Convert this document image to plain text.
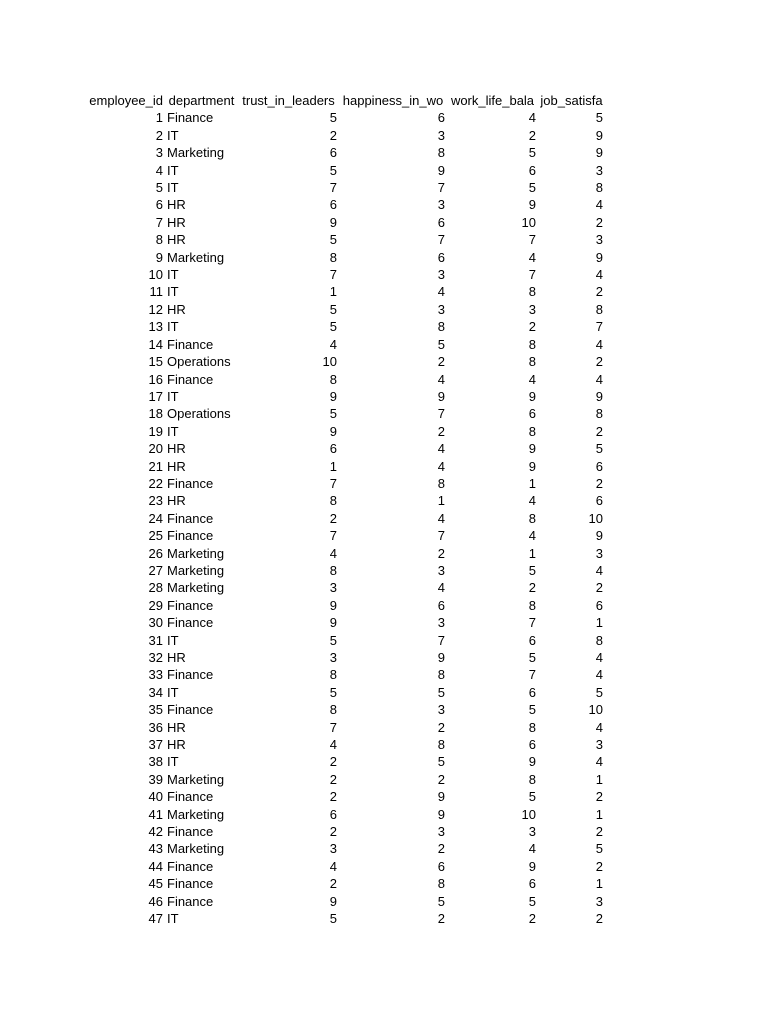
employee_id	department	trust_in_leaders	happiness_in_wo	work_life_bala	job_satisfa
1	Finance	5	6	4	5
2	IT	2	3	2	9
3	Marketing	6	8	5	9
4	IT	5	9	6	3
5	IT	7	7	5	8
6	HR	6	3	9	4
7	HR	9	6	10	2
8	HR	5	7	7	3
9	Marketing	8	6	4	9
10	IT	7	3	7	4
11	IT	1	4	8	2
12	HR	5	3	3	8
13	IT	5	8	2	7
14	Finance	4	5	8	4
15	Operations	10	2	8	2
16	Finance	8	4	4	4
17	IT	9	9	9	9
18	Operations	5	7	6	8
19	IT	9	2	8	2
20	HR	6	4	9	5
21	HR	1	4	9	6
22	Finance	7	8	1	2
23	HR	8	1	4	6
24	Finance	2	4	8	10
25	Finance	7	7	4	9
26	Marketing	4	2	1	3
27	Marketing	8	3	5	4
28	Marketing	3	4	2	2
29	Finance	9	6	8	6
30	Finance	9	3	7	1
31	IT	5	7	6	8
32	HR	3	9	5	4
33	Finance	8	8	7	4
34	IT	5	5	6	5
35	Finance	8	3	5	10
36	HR	7	2	8	4
37	HR	4	8	6	3
38	IT	2	5	9	4
39	Marketing	2	2	8	1
40	Finance	2	9	5	2
41	Marketing	6	9	10	1
42	Finance	2	3	3	2
43	Marketing	3	2	4	5
44	Finance	4	6	9	2
45	Finance	2	8	6	1
46	Finance	9	5	5	3
47	IT	5	2	2	2
